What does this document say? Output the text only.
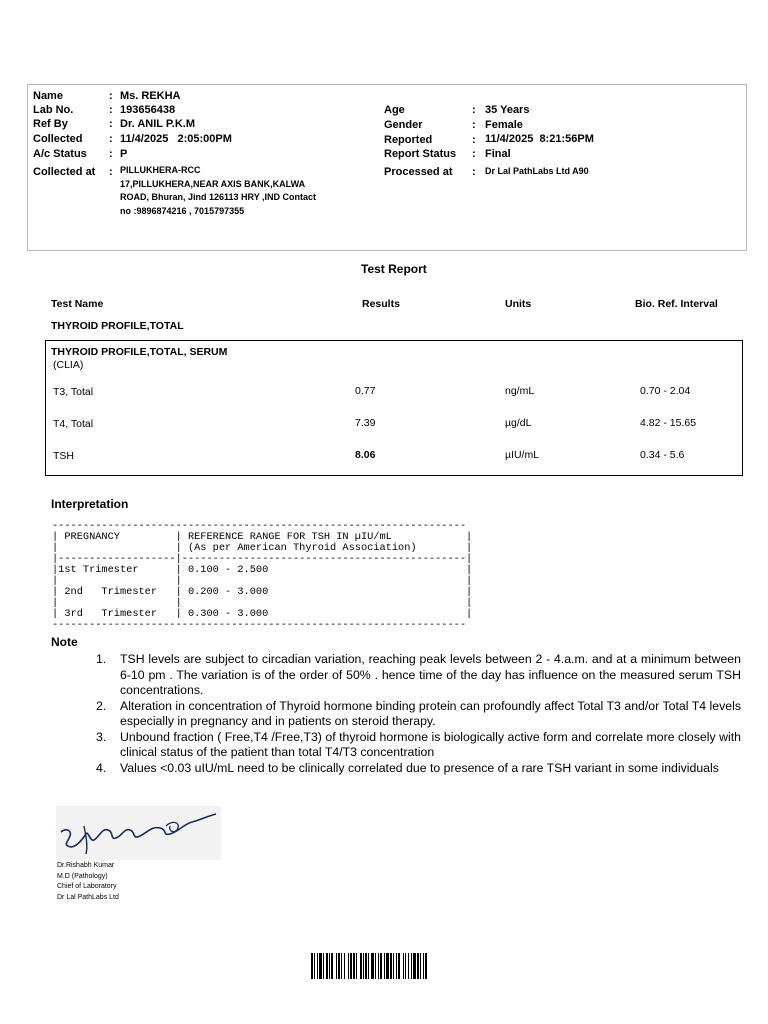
Name	: Ms. REKHA
Lab No.	: 193656438
Ref By	: Dr. ANIL P.K.M
Collected : 11/4/2025   2:05:00PM
A/c Status : P
Collected at : PILLUKHERA-RCC
17,PILLUKHERA,NEAR AXIS BANK,KALWA
ROAD, Bhuran, Jind 126113 HRY ,IND Contact
no :9896874216 , 7015797355
Age	: 35 Years
Gender	: Female
Reported	: 11/4/2025  8:21:56PM
Report Status : Final
Processed at : Dr Lal PathLabs Ltd A90
Test Report
Test Name	Results	Units	Bio. Ref. Interval
THYROID PROFILE,TOTAL
THYROID PROFILE,TOTAL, SERUM
(CLIA)
T3, Total	0.77	ng/mL	0.70 - 2.04
T4, Total	7.39	µg/dL	4.82 - 15.65
TSH	8.06	µIU/mL	0.34 - 5.6
Interpretation

-------------------------------------------------------------------
| PREGNANCY         | REFERENCE RANGE FOR TSH IN µIU/mL            |
|                   | (As per American Thyroid Association)        |
|-------------------|----------------------------------------------|
|1st Trimester      | 0.100 - 2.500                                |
|                   |                                              |
| 2nd   Trimester   | 0.200 - 3.000                                |
|                   |                                              |
| 3rd   Trimester   | 0.300 - 3.000                                |
-------------------------------------------------------------------

Note
1. TSH levels are subject to circadian variation, reaching peak levels between 2 - 4.a.m. and at a minimum between 6-10 pm . The variation is of the order of 50% . hence time of the day has influence on the measured serum TSH concentrations.
2. Alteration in concentration of Thyroid hormone binding protein can profoundly affect Total T3 and/or Total T4 levels especially in pregnancy and in patients on steroid therapy.
3. Unbound fraction ( Free,T4 /Free,T3) of thyroid hormone is biologically active form and correlate more closely with clinical status of the patient than total T4/T3 concentration
4. Values <0.03 uIU/mL need to be clinically correlated due to presence of a rare TSH variant in some individuals
Dr.Rishabh Kumar
M.D (Pathology)
Chief of Laboratory
Dr Lal PathLabs Ltd
